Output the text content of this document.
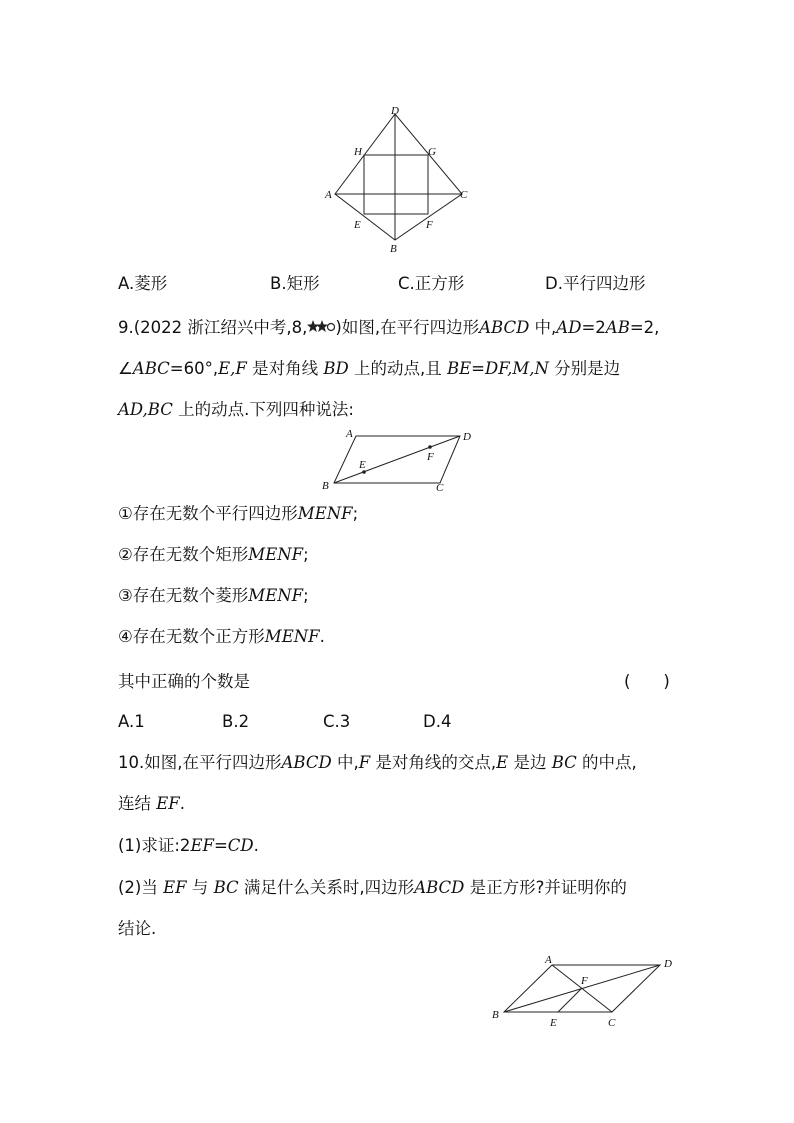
D
H	G
A	C
E	F
B
A.菱形	B.矩形	C.正方形	D.平行四边形
9.(2022 浙江绍兴中考,8, )如图,在平行四边形ABCD 中,AD=2AB=2,
∠ABC=60°,E,F 是对角线 BD 上的动点,且 BE=DF,M,N 分别是边
AD,BC 上的动点.下列四种说法:
A	D
E
F
B	C
①存在无数个平行四边形MENF;
②存在无数个矩形MENF;
③存在无数个菱形MENF;
④存在无数个正方形MENF.
其中正确的个数是	(　　)
A.1	B.2	C.3	D.4
10.如图,在平行四边形ABCD 中,F 是对角线的交点,E 是边 BC 的中点,
连结 EF.
(1)求证:2EF=CD.
(2)当 EF 与 BC 满足什么关系时,四边形ABCD 是正方形?并证明你的
结论.
A	D
F
B
E	C
